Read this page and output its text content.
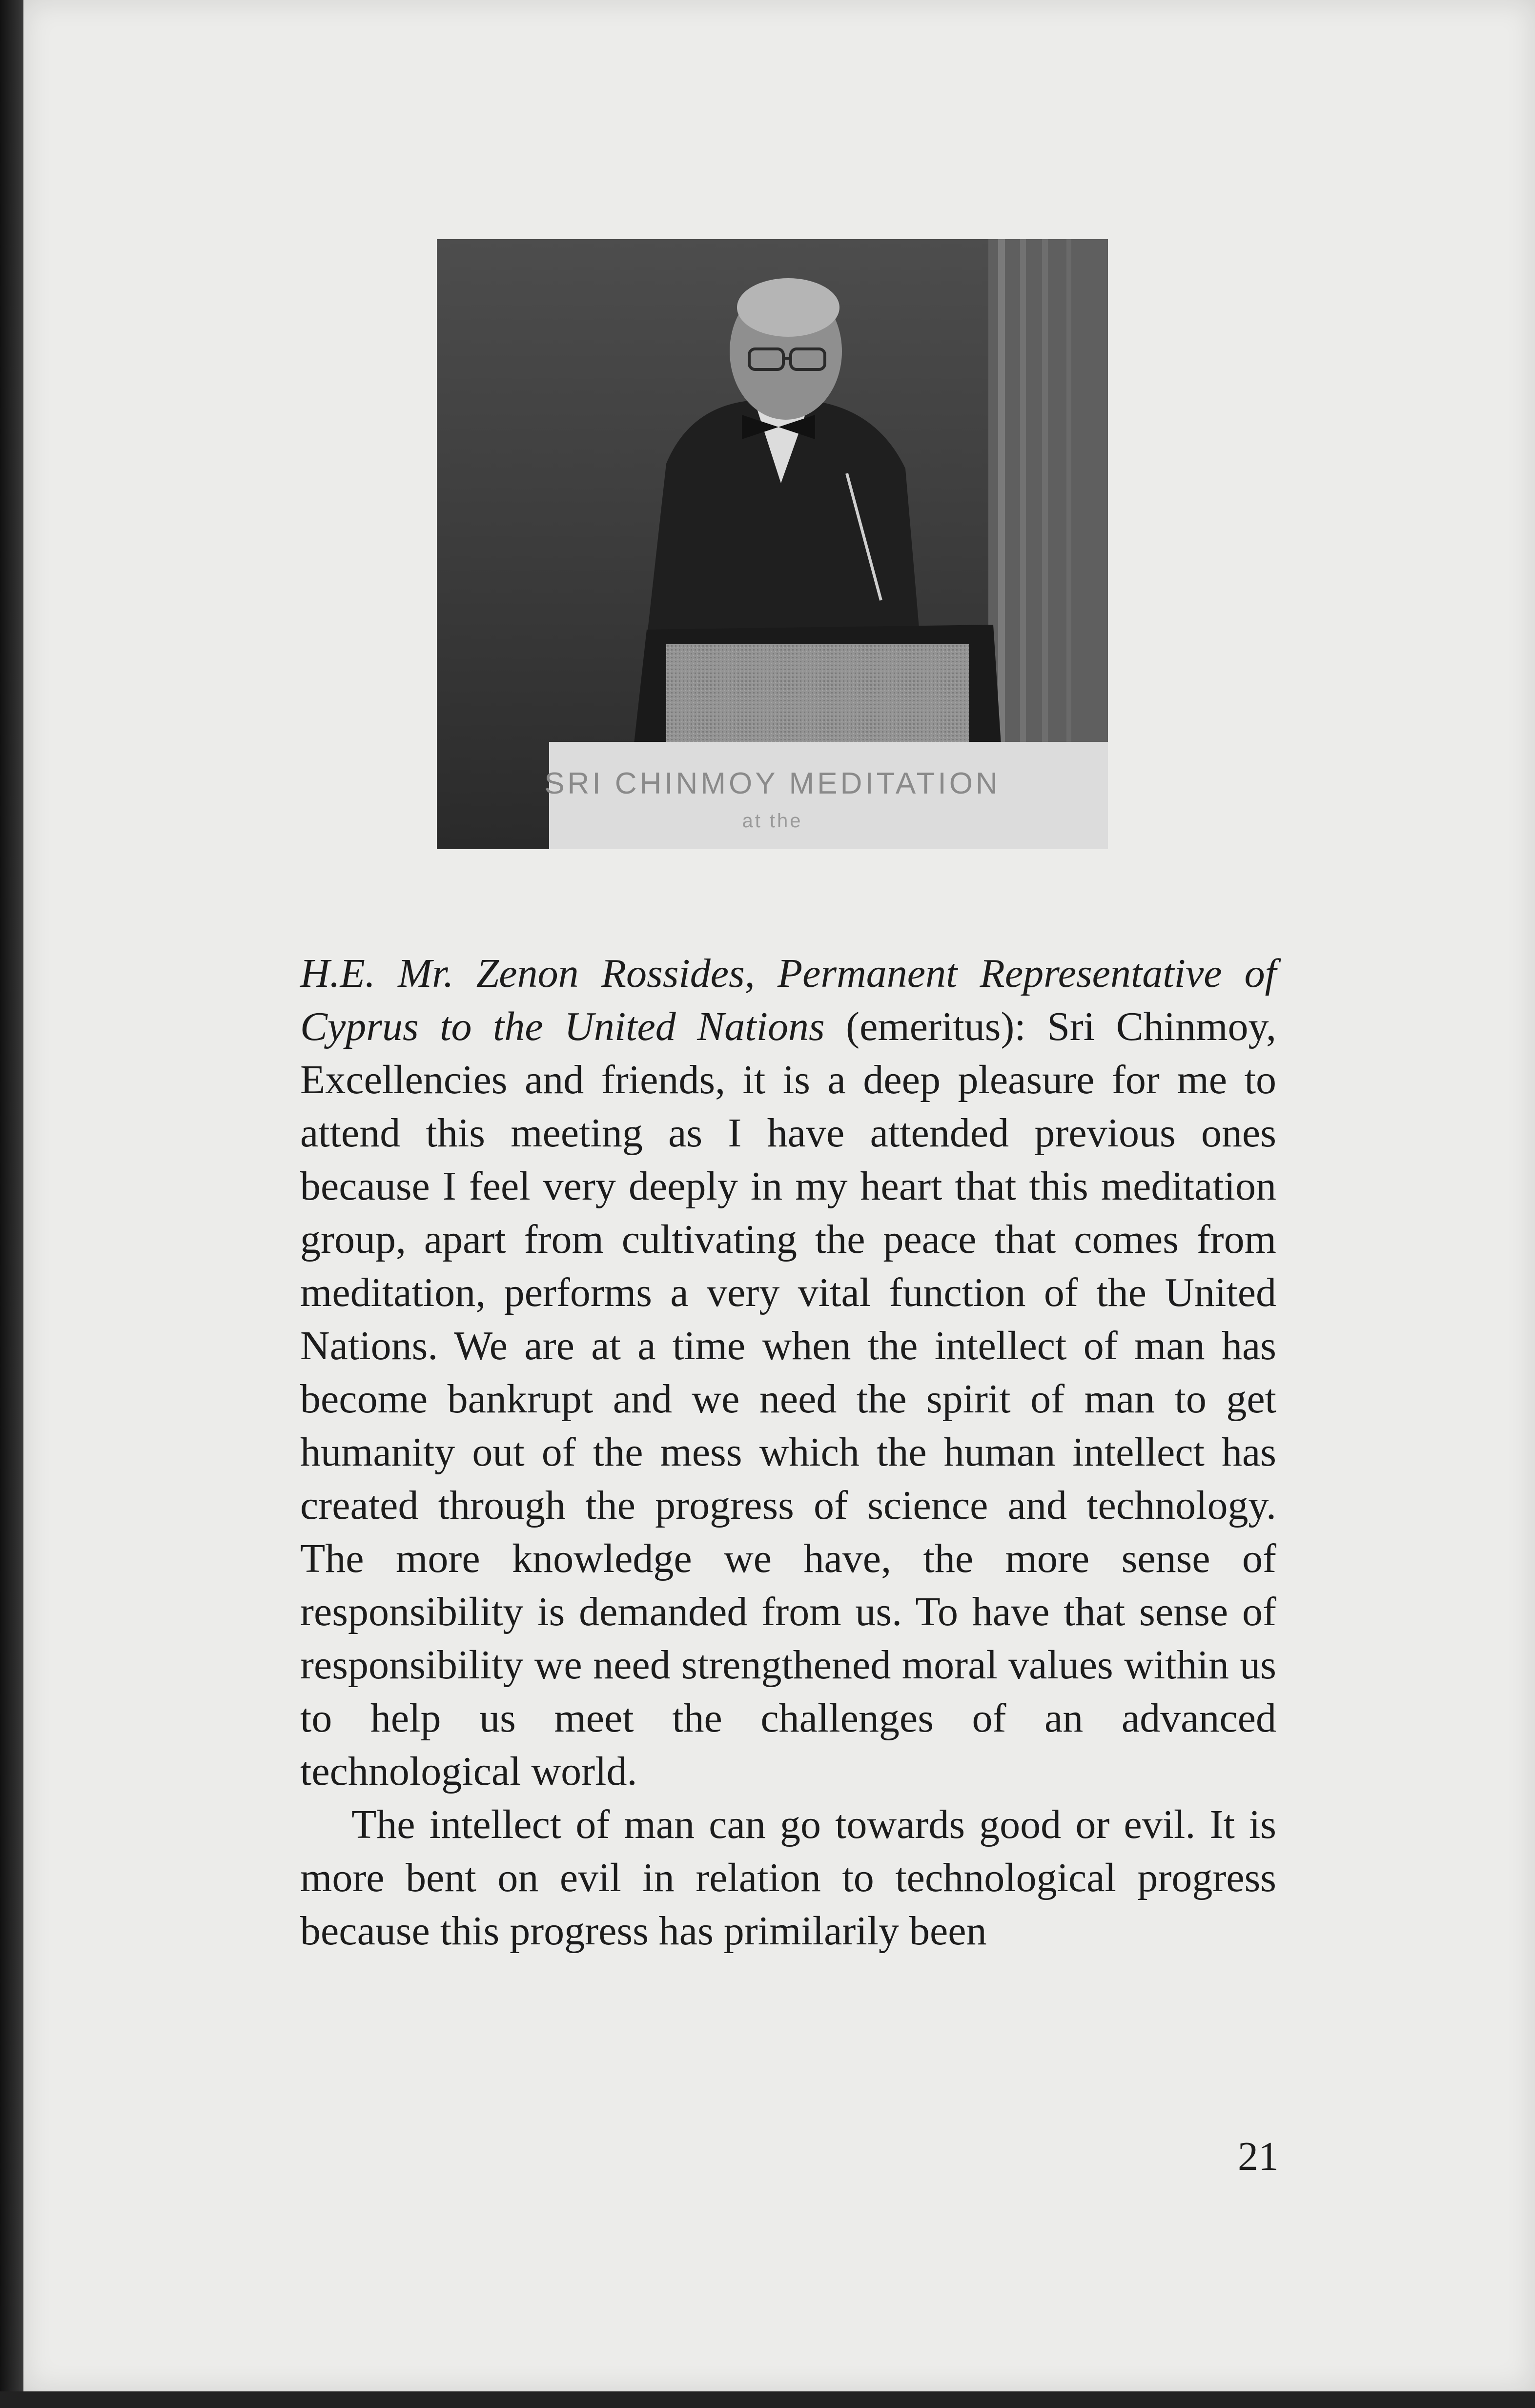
SRI CHINMOY MEDITATION
at the

H.E. Mr. Zenon Rossides, Permanent Representative of Cyprus to the United Nations (emeritus): Sri Chinmoy, Excellencies and friends, it is a deep pleasure for me to attend this meeting as I have attended previous ones because I feel very deeply in my heart that this meditation group, apart from cultivating the peace that comes from meditation, performs a very vital function of the United Nations. We are at a time when the intellect of man has become bankrupt and we need the spirit of man to get humanity out of the mess which the human intellect has created through the progress of science and technology. The more knowledge we have, the more sense of responsibility is demanded from us. To have that sense of responsibility we need strengthened moral values within us to help us meet the challenges of an advanced technological world.

The intellect of man can go towards good or evil. It is more bent on evil in relation to technological progress because this progress has primilarily been

21
